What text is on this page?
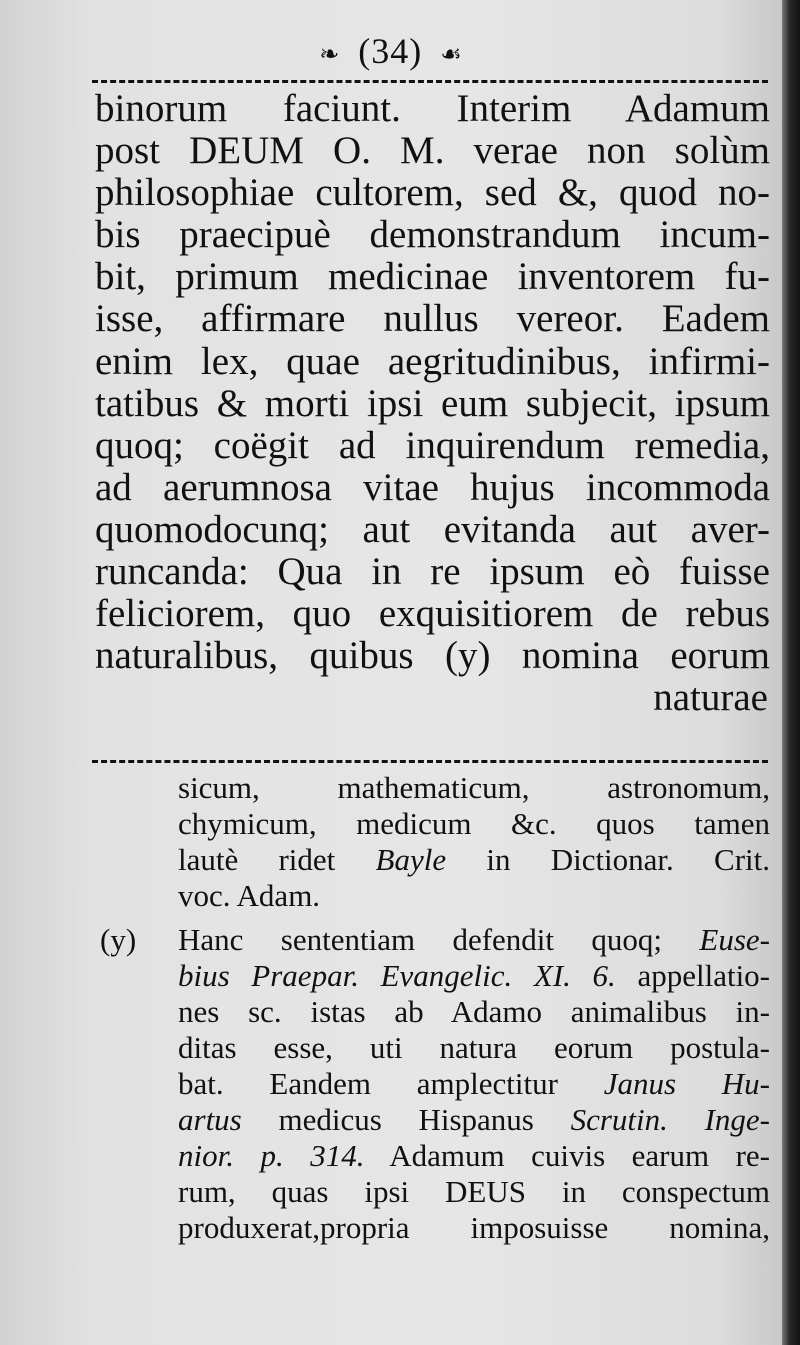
❧ (34) ☙
binorum faciunt. Interim Adamum
post DEUM O. M. verae non solùm
philosophiae cultorem, sed &, quod no-
bis praecipuè demonstrandum incum-
bit, primum medicinae inventorem fu-
isse, affirmare nullus vereor. Eadem
enim lex, quae aegritudinibus, infirmi-
tatibus & morti ipsi eum subjecit, ipsum
quoq; coëgit ad inquirendum remedia,
ad aerumnosa vitae hujus incommoda
quomodocunq; aut evitanda aut aver-
runcanda: Qua in re ipsum eò fuisse
feliciorem, quo exquisitiorem de rebus
naturalibus, quibus (y) nomina eorum
naturae
sicum, mathematicum, astronomum,
chymicum, medicum &c. quos tamen
lautè ridet Bayle in Dictionar. Crit.
voc. Adam.
(y)	Hanc sententiam defendit quoq; Euse-
bius Praepar. Evangelic. XI. 6. appellatio-
nes sc. istas ab Adamo animalibus in-
ditas esse, uti natura eorum postula-
bat. Eandem amplectitur Janus Hu-
artus medicus Hispanus Scrutin. Inge-
nior. p. 314. Adamum cuivis earum re-
rum, quas ipsi DEUS in conspectum
produxerat,propria imposuisse nomina,
